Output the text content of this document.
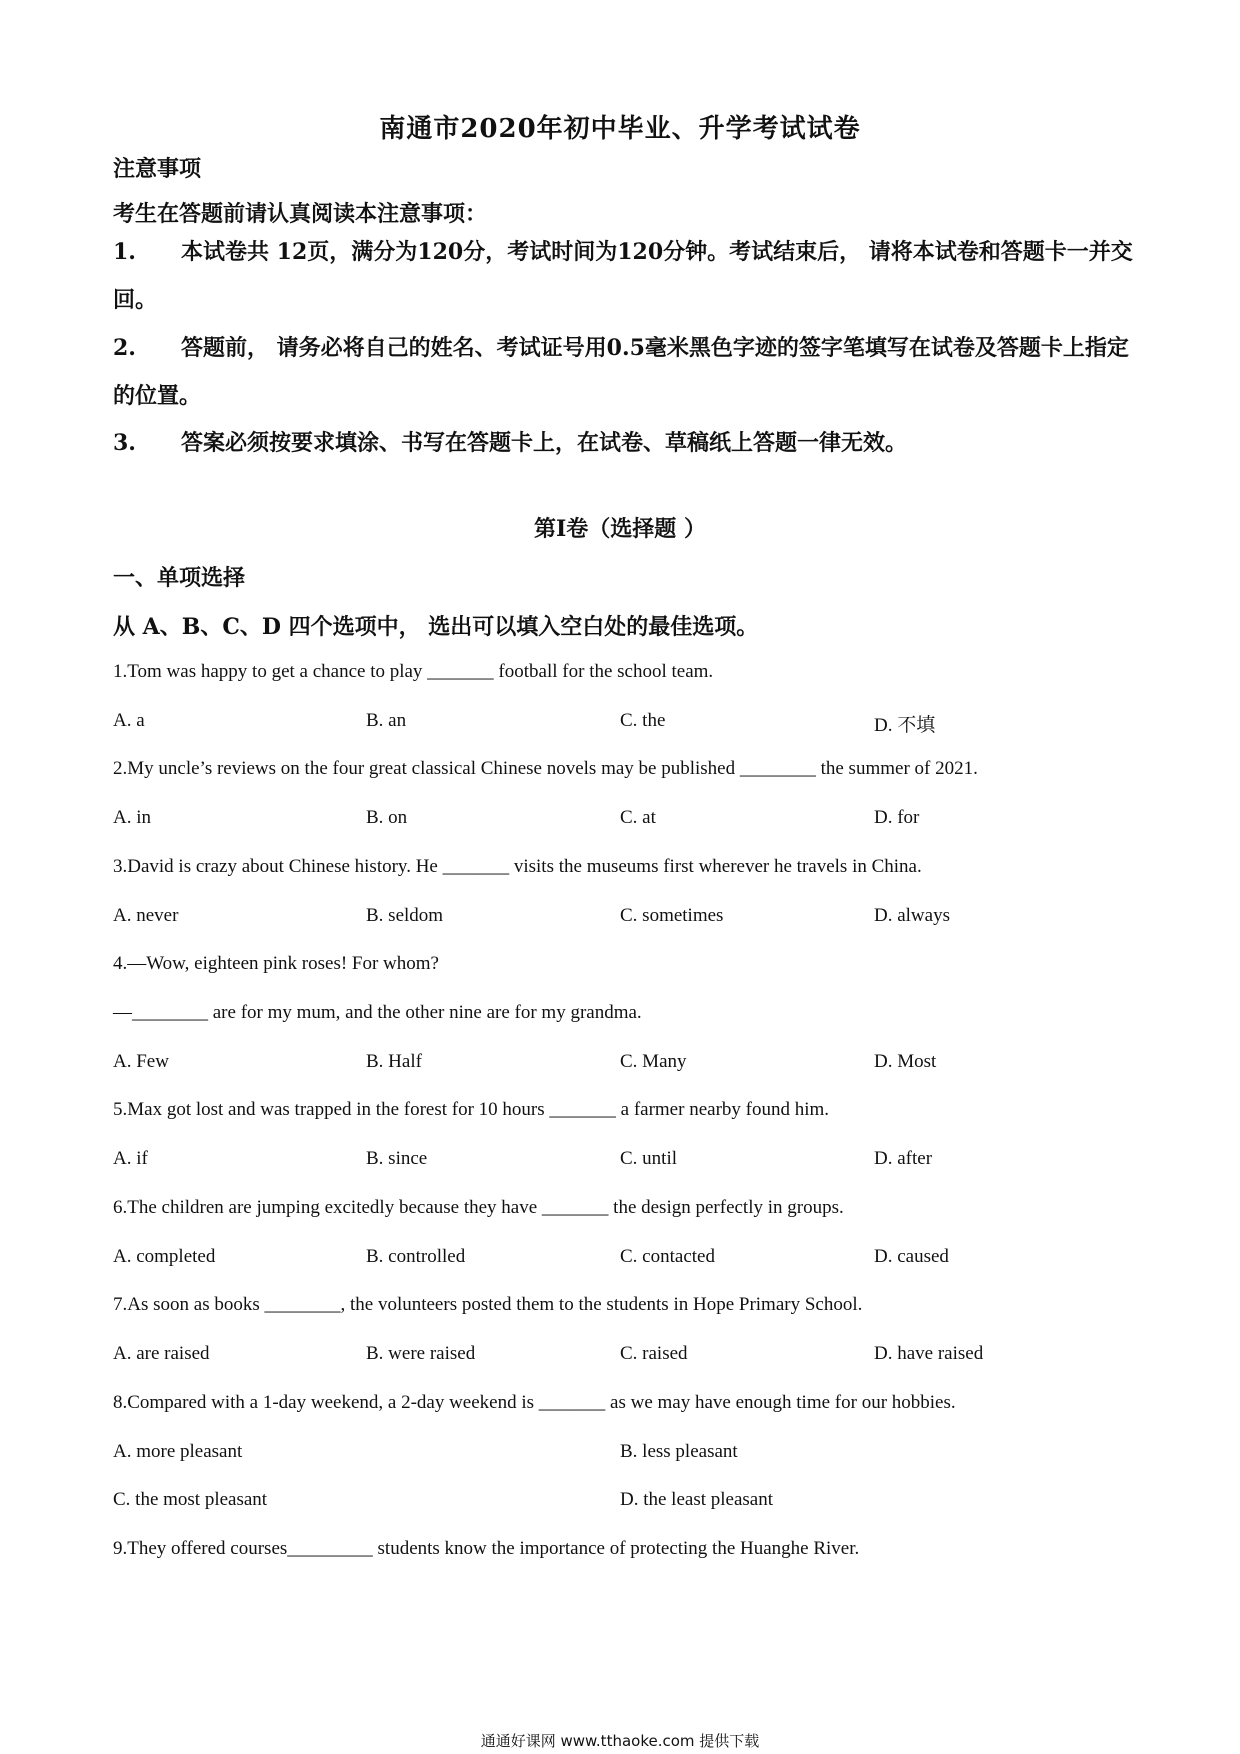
南通市2020年初中毕业、升学考试试卷
注意事项
考生在答题前请认真阅读本注意事项：
1. 本试卷共 12页，满分为120分，考试时间为120分钟。考试结束后， 请将本试卷和答题卡一并交回。
2. 答题前， 请务必将自己的姓名、考试证号用0.5毫米黑色字迹的签字笔填写在试卷及答题卡上指定的位置。
3. 答案必须按要求填涂、书写在答题卡上，在试卷、草稿纸上答题一律无效。
第Ⅰ卷（选择题 ）
一、单项选择
从 A、B、C、D 四个选项中， 选出可以填入空白处的最佳选项。
1.Tom was happy to get a chance to play _______ football for the school team.
A. a	B. an	C. the	D. 不填
2.My uncle’s reviews on the four great classical Chinese novels may be published ________ the summer of 2021.
A. in	B. on	C. at	D. for
3.David is crazy about Chinese history. He _______ visits the museums first wherever he travels in China.
A. never	B. seldom	C. sometimes	D. always
4.—Wow, eighteen pink roses! For whom?
—________ are for my mum, and the other nine are for my grandma.
A. Few	B. Half	C. Many	D. Most
5.Max got lost and was trapped in the forest for 10 hours _______ a farmer nearby found him.
A. if	B. since	C. until	D. after
6.The children are jumping excitedly because they have _______ the design perfectly in groups.
A. completed	B. controlled	C. contacted	D. caused
7.As soon as books ________, the volunteers posted them to the students in Hope Primary School.
A. are raised	B. were raised	C. raised	D. have raised
8.Compared with a 1-day weekend, a 2-day weekend is _______ as we may have enough time for our hobbies.
A. more pleasant	B. less pleasant
C. the most pleasant	D. the least pleasant
9.They offered courses_________ students know the importance of protecting the Huanghe River.
通通好课网 www.tthaoke.com 提供下载
